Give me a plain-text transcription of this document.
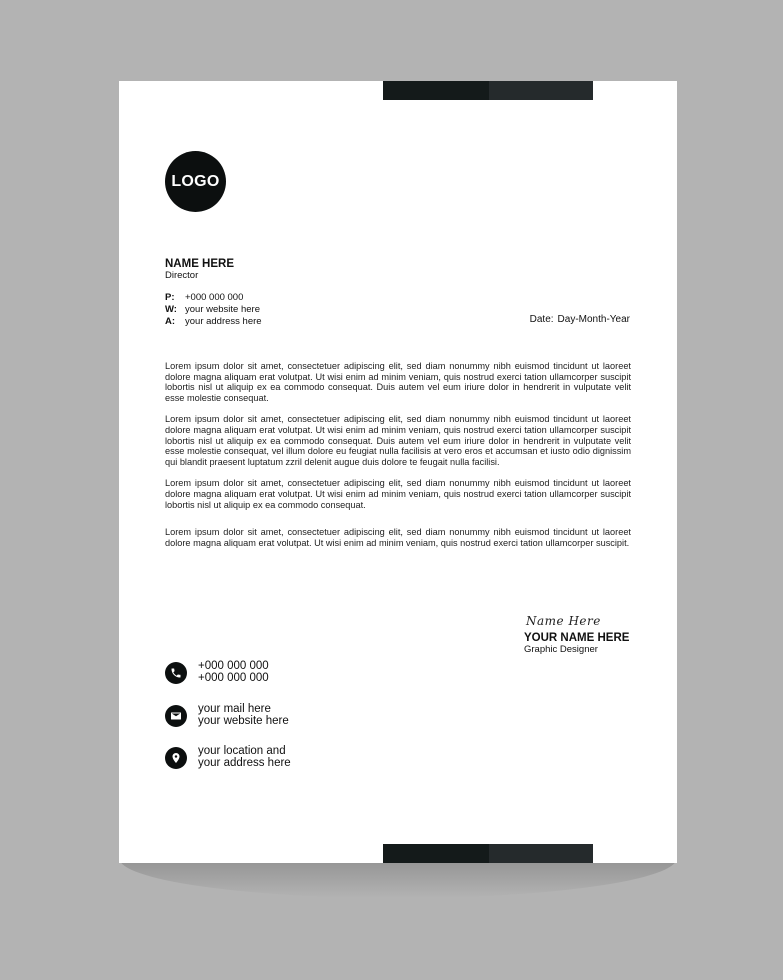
LOGO
NAME HERE
Director
P:	+000 000 000
W: your website here
A:	your address here	Date: Day-Month-Year

Lorem ipsum dolor sit amet, consectetuer adipiscing elit, sed diam nonummy nibh euismod tincidunt ut laoreet dolore magna aliquam erat volutpat. Ut wisi enim ad minim veniam, quis nostrud exerci tation ullamcorper suscipit lobortis nisl ut aliquip ex ea commodo consequat. Duis autem vel eum iriure dolor in hendrerit in vulputate velit esse molestie consequat.

Lorem ipsum dolor sit amet, consectetuer adipiscing elit, sed diam nonummy nibh euismod tincidunt ut laoreet dolore magna aliquam erat volutpat. Ut wisi enim ad minim veniam, quis nostrud exerci tation ullamcorper suscipit lobortis nisl ut aliquip ex ea commodo consequat. Duis autem vel eum iriure dolor in hendrerit in vulputate velit esse molestie consequat, vel illum dolore eu feugiat nulla facilisis at vero eros et accumsan et iusto odio dignissim qui blandit praesent luptatum zzril delenit augue duis dolore te feugait nulla facilisi.

Lorem ipsum dolor sit amet, consectetuer adipiscing elit, sed diam nonummy nibh euismod tincidunt ut laoreet dolore magna aliquam erat volutpat. Ut wisi enim ad minim veniam, quis nostrud exerci tation ullamcorper suscipit lobortis nisl ut aliquip ex ea commodo consequat.

Lorem ipsum dolor sit amet, consectetuer adipiscing elit, sed diam nonummy nibh euismod tincidunt ut laoreet dolore magna aliquam erat volutpat. Ut wisi enim ad minim veniam, quis nostrud exerci tation ullamcorper suscipit.

Name Here
YOUR NAME HERE
Graphic Designer
+000 000 000
+000 000 000
your mail here
your website here
your location and
your address here
